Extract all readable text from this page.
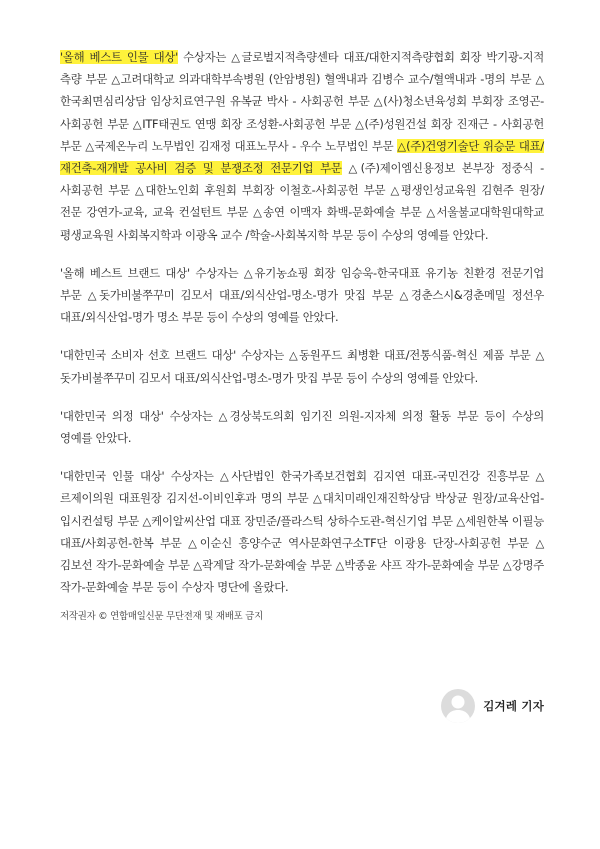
'올해 베스트 인물 대상' 수상자는 △글로벌지적측량센타 대표/대한지적측량협회 회장 박기광-지적 측량 부문 △고려대학교 의과대학부속병원 (안암병원) 혈액내과 김병수 교수/혈액내과 -명의 부문 △한국최면심리상담 임상치료연구원 유복균 박사 - 사회공헌 부문 △(사)청소년육성회 부회장 조영곤-사회공헌 부문 △ITF태권도 연맹 회장 조성환-사회공헌 부문 △(주)성원건설 회장 진재근 - 사회공헌 부문 △국제온누리 노무법인 김재정 대표노무사 - 우수 노무법인 부문 △(주)건영기술단 위승문 대표/재건축-재개발 공사비 검증 및 분쟁조정 전문기업 부문 △(주)제이엠신용정보 본부장 정중식 - 사회공헌 부문 △대한노인회 후원회 부회장 이철호-사회공헌 부문 △평생인성교육원 김현주 원장/전문 강연가-교육, 교육 컨설턴트 부문 △송연 이맥자 화백-문화예술 부문 △서울불교대학원대학교 평생교육원 사회복지학과 이광옥 교수 /학술-사회복지학 부문 등이 수상의 영예를 안았다.
'올해 베스트 브랜드 대상' 수상자는 △유기농쇼핑 회장 임승욱-한국대표 유기농 친환경 전문기업 부문 △돗가비불쭈꾸미 김모서 대표/외식산업-명소-명가 맛집 부문 △경춘스시&경춘메밀 정선우 대표/외식산업-명가 명소 부문 등이 수상의 영예를 안았다.
'대한민국 소비자 선호 브랜드 대상' 수상자는 △동원푸드 최병환 대표/전통식품-혁신 제품 부문 △돗가비불쭈꾸미 김모서 대표/외식산업-명소-명가 맛집 부문 등이 수상의 영예를 안았다.
'대한민국 의정 대상' 수상자는 △경상북도의회 임기진 의원-지자체 의정 활동 부문 등이 수상의 영예를 안았다.
'대한민국 인물 대상' 수상자는 △사단법인 한국가족보건협회 김지연 대표-국민건강 진흥부문 △르제이의원 대표원장 김지선-이비인후과 명의 부문 △대치미래인재진학상담 박상균 원장/교육산업-입시컨설팅 부문 △케이알씨산업 대표 장민준/플라스틱 상하수도관-혁신기업 부문 △세원한복 이필능 대표/사회공헌-한복 부문 △이순신 흥양수군 역사문화연구소TF단 이광용 단장-사회공헌 부문 △김보선 작가-문화예술 부문 △곽계달 작가-문화예술 부문 △박종윤 샤프 작가-문화예술 부문 △강명주 작가-문화예술 부문 등이 수상자 명단에 올랐다.
저작권자 © 연합매일신문 무단전재 및 재배포 금지
김겨레 기자
